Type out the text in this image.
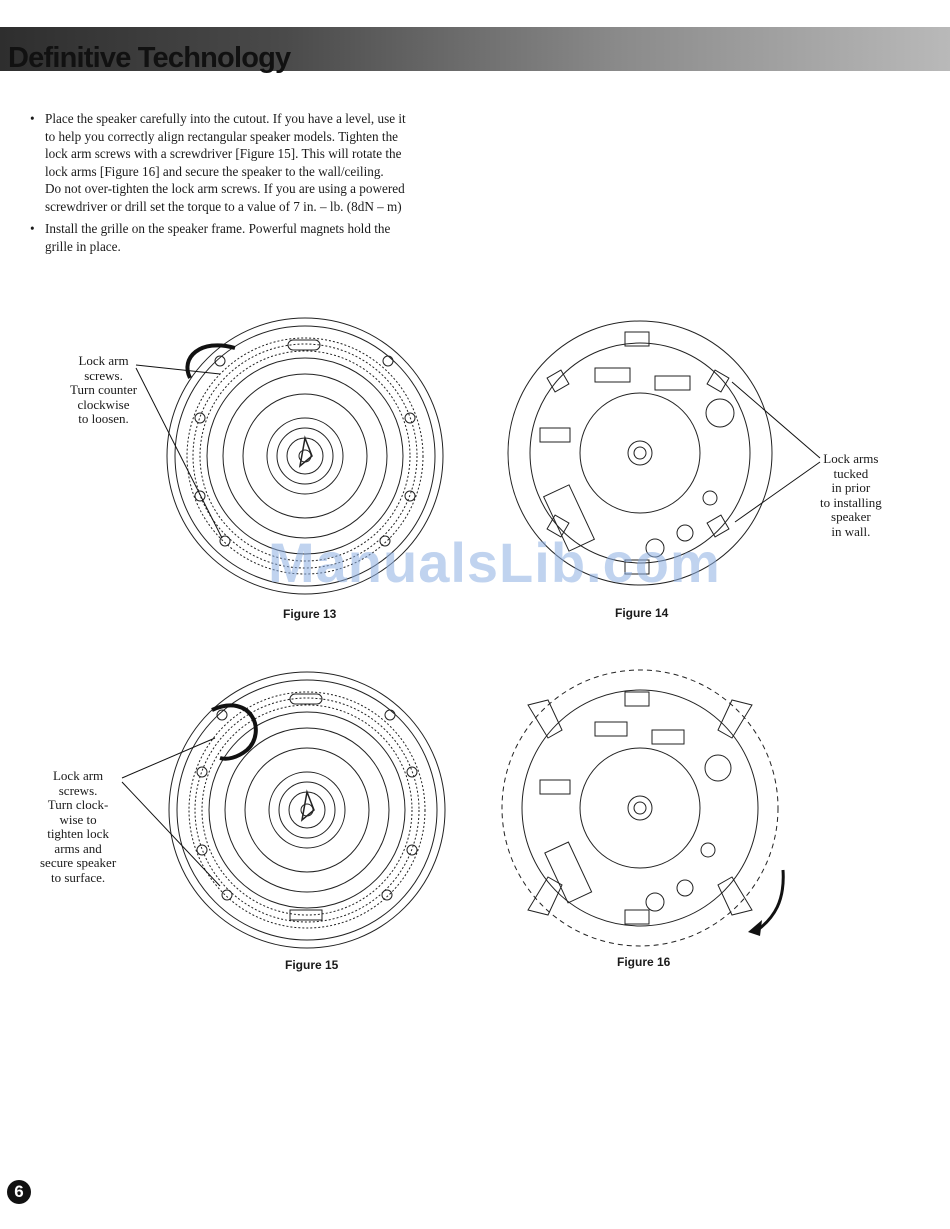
Definitive Technology
• Place the speaker carefully into the cutout. If you have a level, use it
to help you correctly align rectangular speaker models. Tighten the
lock arm screws with a screwdriver [Figure 15]. This will rotate the
lock arms [Figure 16] and secure the speaker to the wall/ceiling.
Do not over-tighten the lock arm screws. If you are using a powered
screwdriver or drill set the torque to a value of 7 in. – lb. (8dN – m)
• Install the grille on the speaker frame. Powerful magnets hold the
grille in place.
Lock arm
screws.
Turn counter
clockwise
to loosen.
Figure 13
Lock arms
tucked
in prior
to installing
speaker
in wall.
Figure 14
Lock arm
screws.
Turn clock-
wise to
tighten lock
arms and
secure speaker
to surface.
Figure 15	Figure 16
ManualsLib.com
6
